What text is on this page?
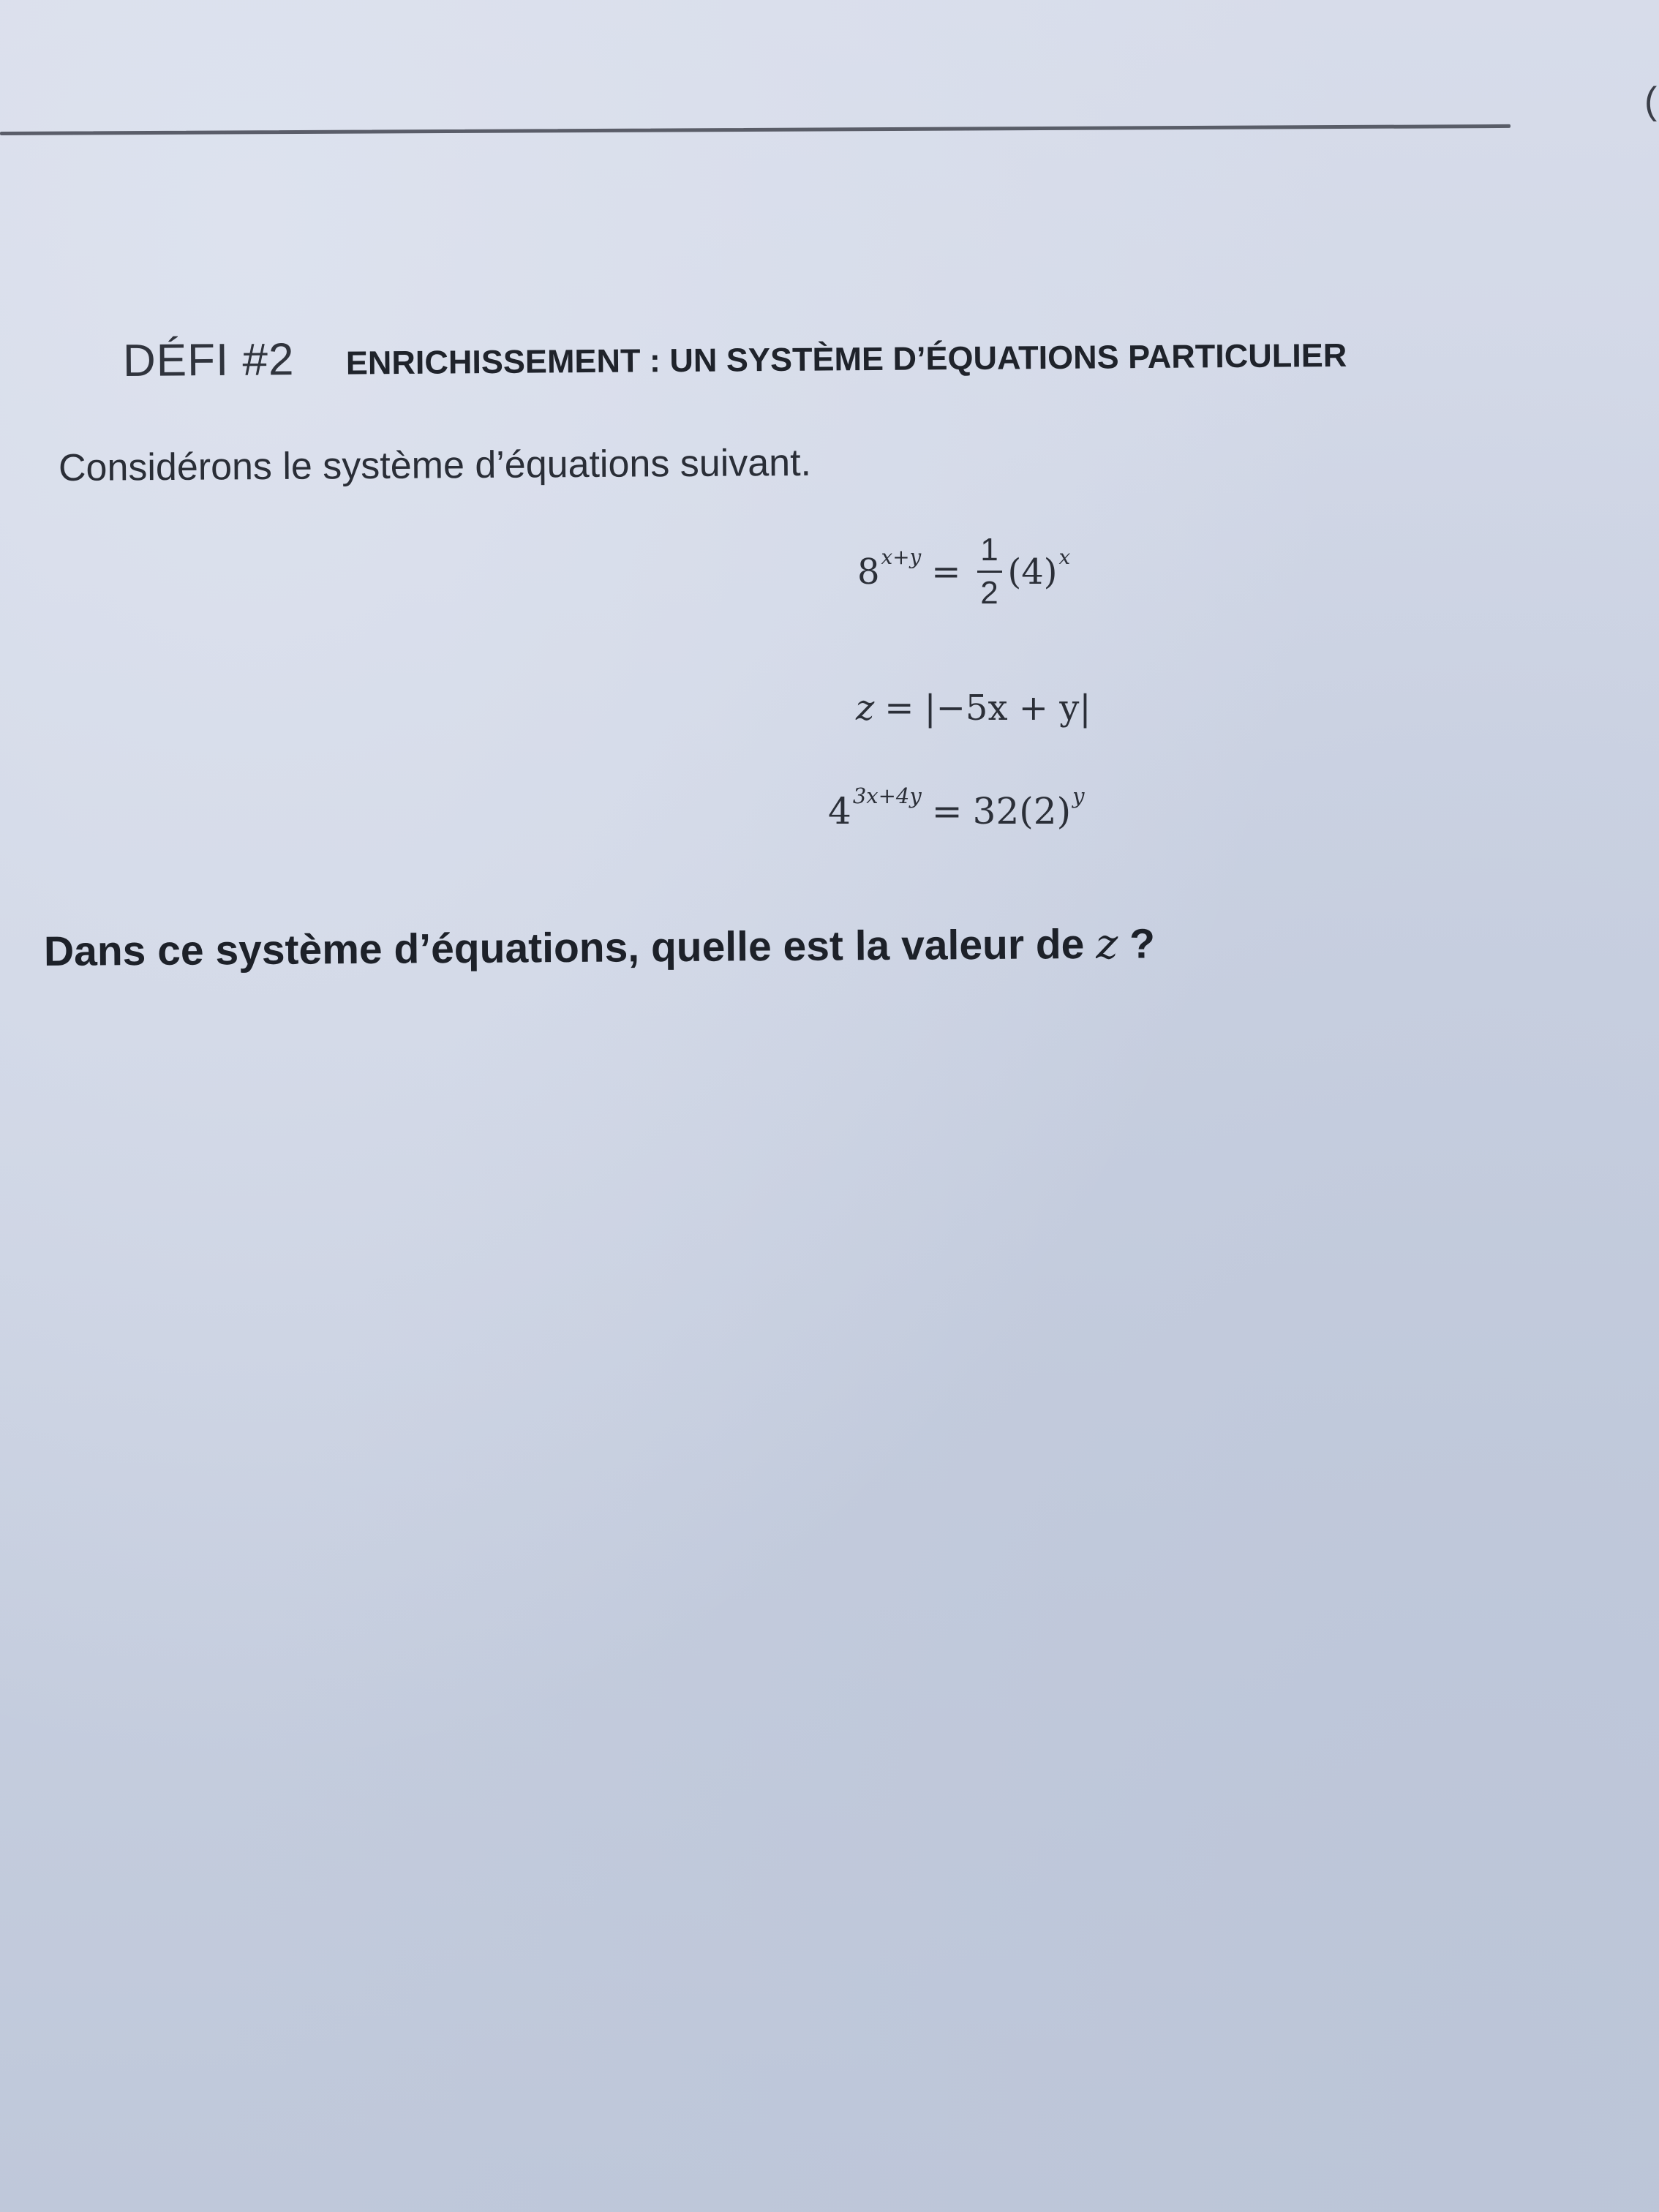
(
DÉFI #2 ENRICHISSEMENT : UN SYSTÈME D’ÉQUATIONS PARTICULIER
Considérons le système d’équations suivant.
8 $^{x+y} = \frac{1}{2} (4)$ $^x$
z = |−5x + y|
4 $^{3x+4y}$ = 32(2) $^y$
Dans ce système d’équations, quelle est la valeur de z ?
